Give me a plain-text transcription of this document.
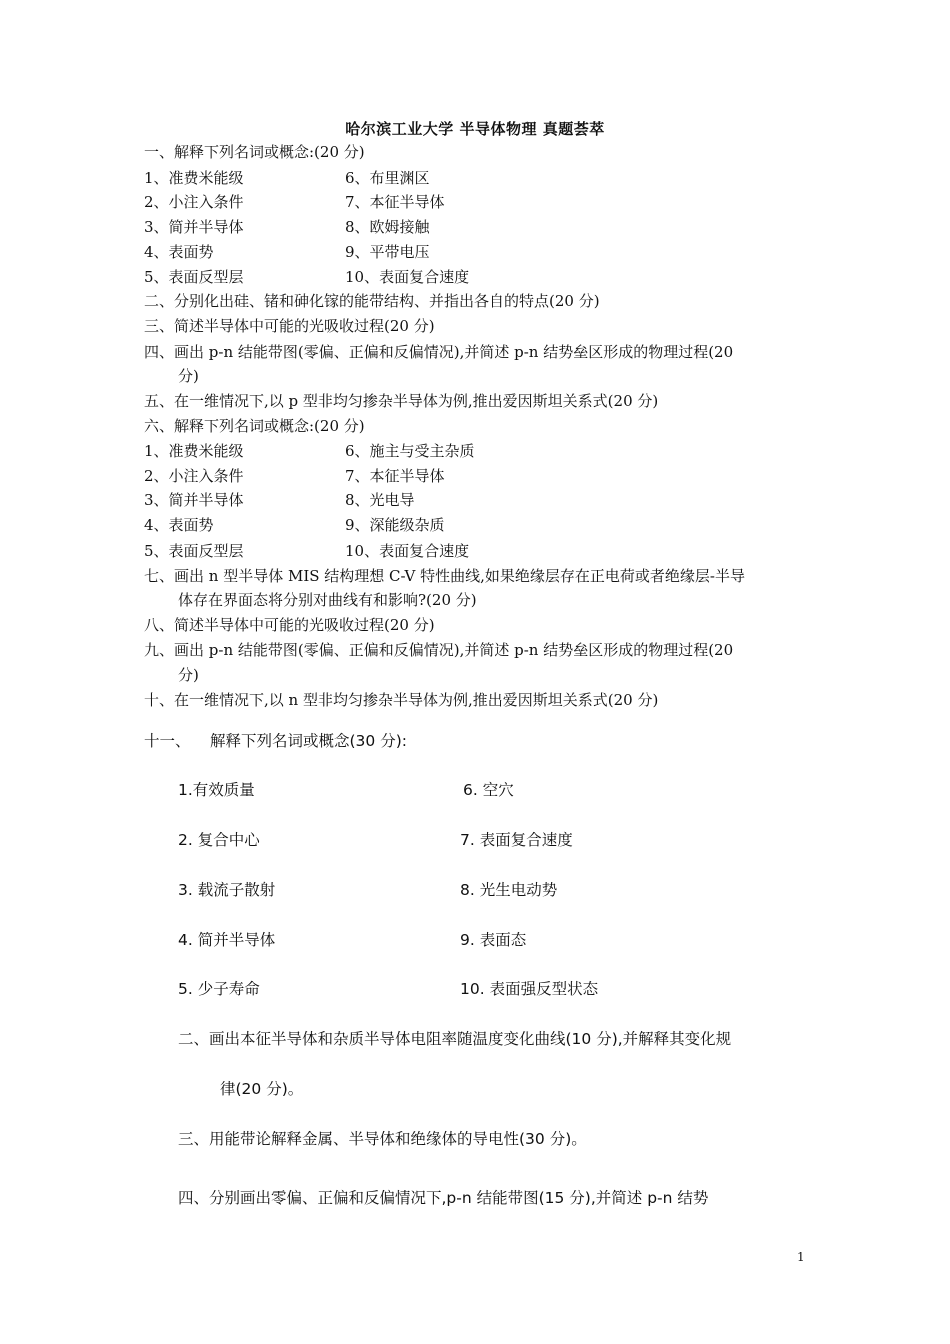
哈尔滨工业大学 半导体物理 真题荟萃
一、解释下列名词或概念:(20 分)
1、准费米能级	6、布里渊区
2、小注入条件	7、本征半导体
3、简并半导体	8、欧姆接触
4、表面势	9、平带电压
5、表面反型层	10、表面复合速度
二、分别化出硅、锗和砷化镓的能带结构、并指出各自的特点(20 分)
三、简述半导体中可能的光吸收过程(20 分)
四、画出 p-n 结能带图(零偏、正偏和反偏情况),并简述 p-n 结势垒区形成的物理过程(20
分)
五、在一维情况下,以 p 型非均匀掺杂半导体为例,推出爱因斯坦关系式(20 分)
六、解释下列名词或概念:(20 分)
1、准费米能级	6、施主与受主杂质
2、小注入条件	7、本征半导体
3、简并半导体	8、光电导
4、表面势	9、深能级杂质
5、表面反型层	10、表面复合速度
七、画出 n 型半导体 MIS 结构理想 C-V 特性曲线,如果绝缘层存在正电荷或者绝缘层-半导
体存在界面态将分别对曲线有和影响?(20 分)
八、简述半导体中可能的光吸收过程(20 分)
九、画出 p-n 结能带图(零偏、正偏和反偏情况),并简述 p-n 结势垒区形成的物理过程(20
分)
十、在一维情况下,以 n 型非均匀掺杂半导体为例,推出爱因斯坦关系式(20 分)
十一、 解释下列名词或概念(30 分):
1.有效质量	6. 空穴
2. 复合中心	7. 表面复合速度
3. 载流子散射	8. 光生电动势
4. 简并半导体	9. 表面态
5. 少子寿命	10. 表面强反型状态
二、画出本征半导体和杂质半导体电阻率随温度变化曲线(10 分),并解释其变化规
律(20 分)。
三、用能带论解释金属、半导体和绝缘体的导电性(30 分)。
四、分别画出零偏、正偏和反偏情况下,p-n 结能带图(15 分),并简述 p-n 结势
1
